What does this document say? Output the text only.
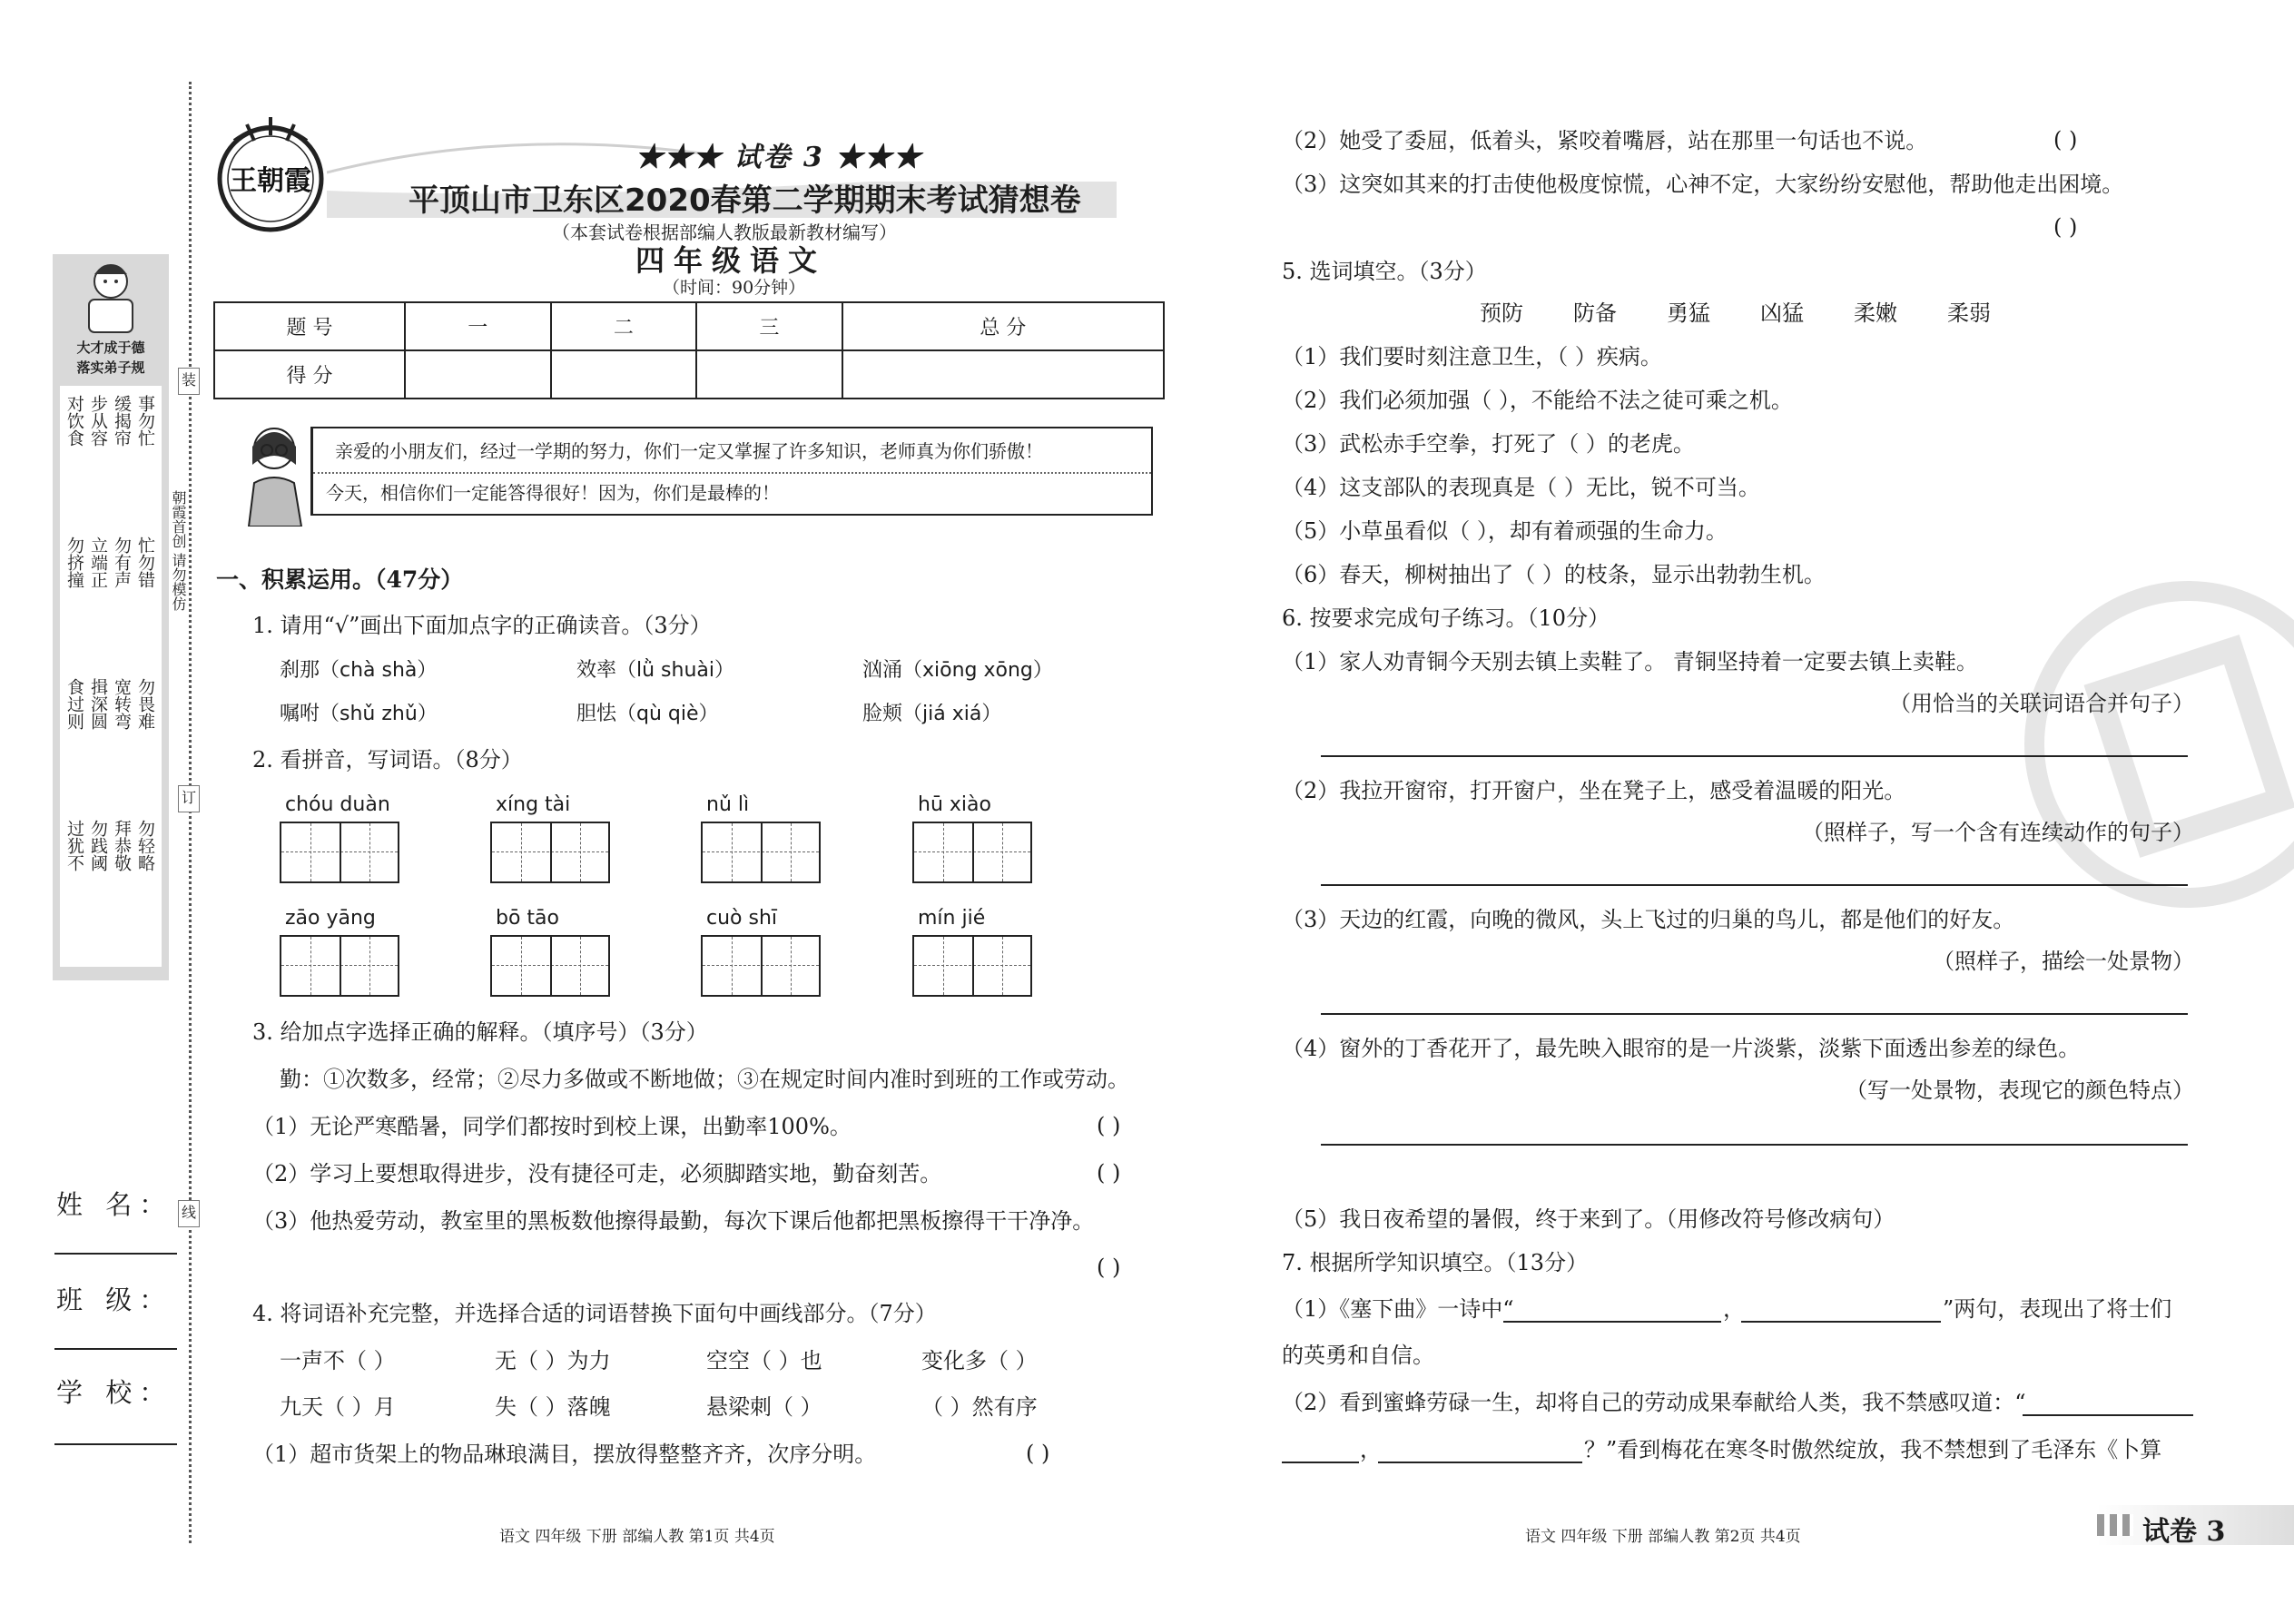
装
订
线
朝霞首创 请勿模仿
大才成于德
落实弟子规
事勿忙
缓揭帘
步从容
对饮食
忙勿错
勿有声
立端正
勿挤撞
勿畏难
宽转弯
揖深圆
食过则
勿轻略
拜恭敬
勿践阈
过犹不
姓 名：
班 级：
学 校：
王朝霞
★★★ 试卷 3 ★★★
平顶山市卫东区2020春第二学期期末考试猜想卷
（本套试卷根据部编人教版最新教材编写）
四年级语文
（时间：90分钟）
题 号	一	二	三	总 分
得 分				
亲爱的小朋友们，经过一学期的努力，你们一定又掌握了许多知识，老师真为你们骄傲！
今天，相信你们一定能答得很好！因为，你们是最棒的！
一、积累运用。（47分）
1. 请用“√”画出下面加点字的正确读音。（3分）
刹那（chà shà）	效率（lǜ shuài）	汹涌（xiōng xōng）
嘱咐（shǔ zhǔ）	胆怯（qù qiè）	脸颊（jiá xiá）
2. 看拼音，写词语。（8分）
chóu duàn	xíng tài	nǔ lì	hū xiào
zāo yāng	bō tāo	cuò shī	mín jié
3. 给加点字选择正确的解释。（填序号）（3分）
勤：①次数多，经常；②尽力多做或不断地做；③在规定时间内准时到班的工作或劳动。
（1）无论严寒酷暑，同学们都按时到校上课，出勤率100%。	( )
（2）学习上要想取得进步，没有捷径可走，必须脚踏实地，勤奋刻苦。	( )
（3）他热爱劳动，教室里的黑板数他擦得最勤，每次下课后他都把黑板擦得干干净净。
( )
4. 将词语补充完整，并选择合适的词语替换下面句中画线部分。（7分）
一声不（ ）	无（ ）为力	空空（ ）也	变化多（ ）
九天（ ）月	失（ ）落魄	悬梁刺（ ）	（ ）然有序
（1）超市货架上的物品琳琅满目，摆放得整整齐齐，次序分明。	( )
语文 四年级 下册 部编人教 第1页 共4页
（2）她受了委屈，低着头，紧咬着嘴唇，站在那里一句话也不说。	( )
（3）这突如其来的打击使他极度惊慌，心神不定，大家纷纷安慰他，帮助他走出困境。
( )
5. 选词填空。（3分）
预防 防备 勇猛 凶猛 柔嫩 柔弱
（1）我们要时刻注意卫生，（ ）疾病。
（2）我们必须加强（ ），不能给不法之徒可乘之机。
（3）武松赤手空拳，打死了（ ）的老虎。
（4）这支部队的表现真是（ ）无比，锐不可当。
（5）小草虽看似（ ），却有着顽强的生命力。
（6）春天，柳树抽出了（ ）的枝条，显示出勃勃生机。
6. 按要求完成句子练习。（10分）
（1）家人劝青铜今天别去镇上卖鞋了。 青铜坚持着一定要去镇上卖鞋。
（用恰当的关联词语合并句子）
（2）我拉开窗帘，打开窗户，坐在凳子上，感受着温暖的阳光。
（照样子，写一个含有连续动作的句子）
（3）天边的红霞，向晚的微风，头上飞过的归巢的鸟儿，都是他们的好友。
（照样子，描绘一处景物）
（4）窗外的丁香花开了，最先映入眼帘的是一片淡紫，淡紫下面透出参差的绿色。
（写一处景物，表现它的颜色特点）
（5）我日夜希望的暑假，终于来到了。（用修改符号修改病句）
7. 根据所学知识填空。（13分）
（1）《塞下曲》一诗中“	，	”两句，表现出了将士们
的英勇和自信。
（2）看到蜜蜂劳碌一生，却将自己的劳动成果奉献给人类，我不禁感叹道：“
，	？”看到梅花在寒冬时傲然绽放，我不禁想到了毛泽东《卜算
语文 四年级 下册 部编人教 第2页 共4页	试卷 3
